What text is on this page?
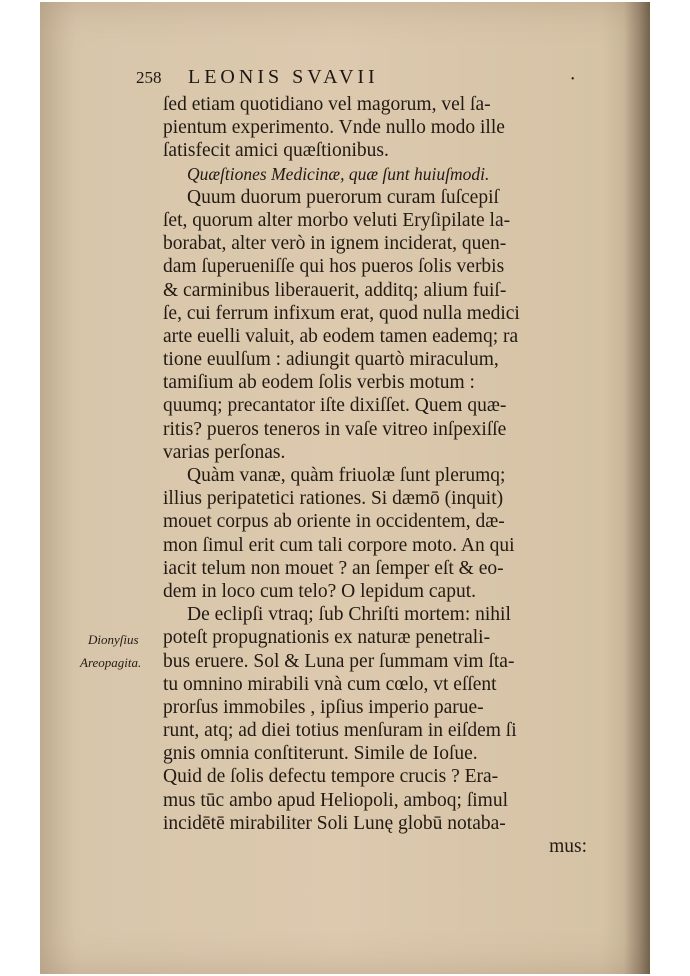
258 LEONIS SVAVII	·
Dionyſius
Areopagita.
ſed etiam quotidiano vel magorum, vel ſa-
pientum experimento. Vnde nullo modo ille
ſatisfecit amici quæſtionibus.
Quæſtiones Medicinæ, quæ ſunt huiuſmodi.
Quum duorum puerorum curam ſuſcepiſ
ſet, quorum alter morbo veluti Eryſipilate la-
borabat, alter verò in ignem inciderat, quen-
dam ſuperueniſſe qui hos pueros ſolis verbis
& carminibus liberauerit, additq; alium fuiſ-
ſe, cui ferrum infixum erat, quod nulla medici
arte euelli valuit, ab eodem tamen eademq; ra
tione euulſum : adiungit quartò miraculum,
tamiſium ab eodem ſolis verbis motum :
quumq; precantator iſte dixiſſet. Quem quæ-
ritis? pueros teneros in vaſe vitreo inſpexiſſe
varias perſonas.
Quàm vanæ, quàm friuolæ ſunt plerumq;
illius peripatetici rationes. Si dæmō (inquit)
mouet corpus ab oriente in occidentem, dæ-
mon ſimul erit cum tali corpore moto. An qui
iacit telum non mouet ? an ſemper eſt & eo-
dem in loco cum telo? O lepidum caput.
De eclipſi vtraq; ſub Chriſti mortem: nihil
poteſt propugnationis ex naturæ penetrali-
bus eruere. Sol & Luna per ſummam vim ſta-
tu omnino mirabili vnà cum cœlo, vt eſſent
prorſus immobiles , ipſius imperio parue-
runt, atq; ad diei totius menſuram in eiſdem ſi
gnis omnia conſtiterunt. Simile de Ioſue.
Quid de ſolis defectu tempore crucis ? Era-
mus tūc ambo apud Heliopoli, amboq; ſimul
incidētē mirabiliter Soli Lunę globū notaba-
mus:
